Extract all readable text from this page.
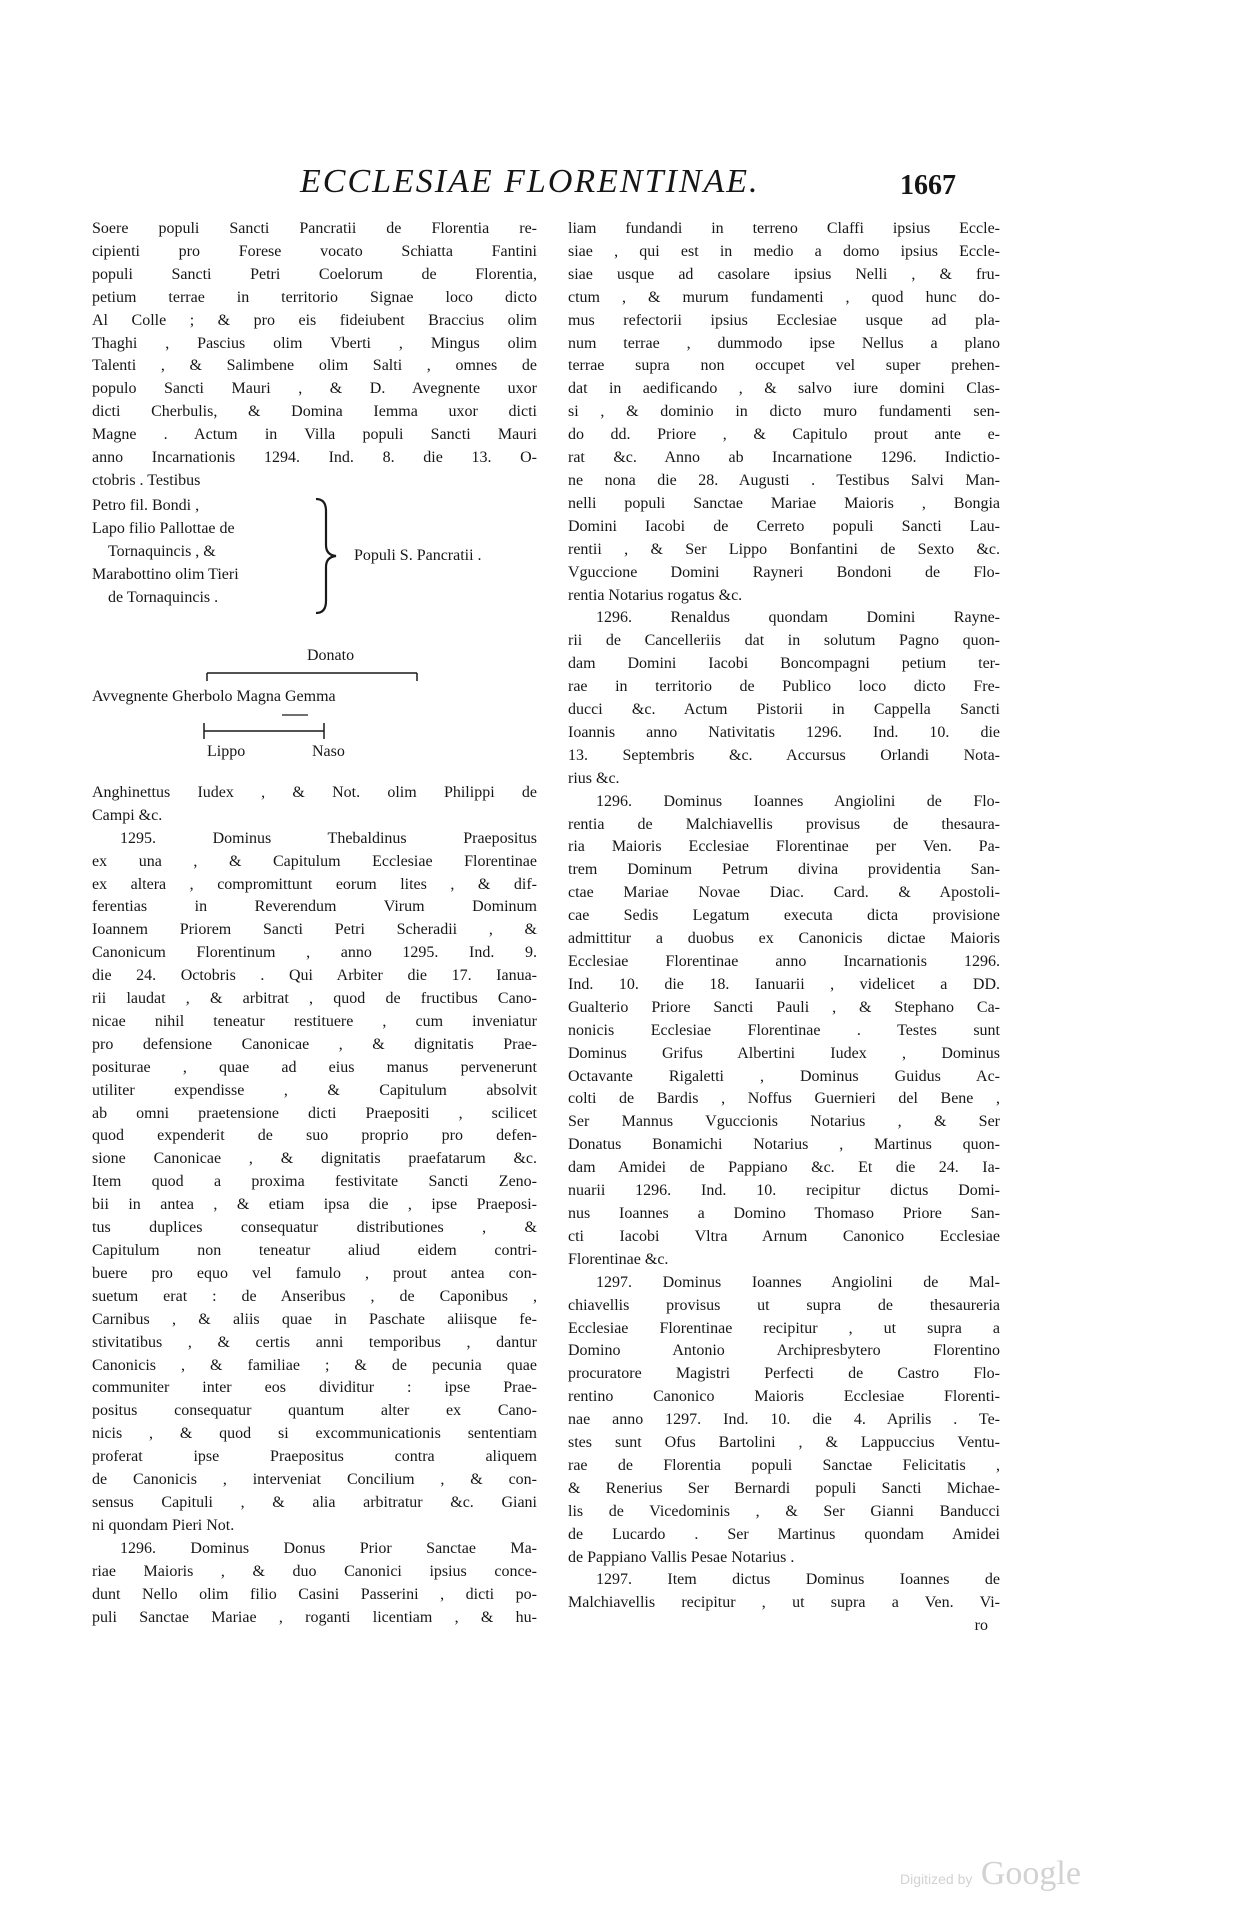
ECCLESIAE FLORENTINAE.	1667
Soere populi Sancti Pancratii de Florentia re-
cipienti pro Forese vocato Schiatta Fantini
populi Sancti Petri Coelorum de Florentia,
petium terrae in territorio Signae loco dicto
Al Colle ; & pro eis fideiubent Braccius olim
Thaghi , Pascius olim Vberti , Mingus olim
Talenti , & Salimbene olim Salti , omnes de
populo Sancti Mauri , & D. Avegnente uxor
dicti Cherbulis, & Domina Iemma uxor dicti
Magne . Actum in Villa populi Sancti Mauri
anno Incarnationis 1294. Ind. 8. die 13. O-
ctobris . Testibus
Petro fil. Bondi ,
Lapo filio Pallottae de
Tornaquincis , &
Marabottino olim Tieri
de Tornaquincis .
Populi S. Pancratii .
Donato
Avvegnente Gherbolo Magna Gemma
Lippo	Naso
Anghinettus Iudex , & Not. olim Philippi de
Campi &c.
1295. Dominus Thebaldinus Praepositus
ex una , & Capitulum Ecclesiae Florentinae
ex altera , compromittunt eorum lites , & dif-
ferentias in Reverendum Virum Dominum
Ioannem Priorem Sancti Petri Scheradii , &
Canonicum Florentinum , anno 1295. Ind. 9.
die 24. Octobris . Qui Arbiter die 17. Ianua-
rii laudat , & arbitrat , quod de fructibus Cano-
nicae nihil teneatur restituere , cum inveniatur
pro defensione Canonicae , & dignitatis Prae-
positurae , quae ad eius manus pervenerunt
utiliter expendisse , & Capitulum absolvit
ab omni praetensione dicti Praepositi , scilicet
quod expenderit de suo proprio pro defen-
sione Canonicae , & dignitatis praefatarum &c.
Item quod a proxima festivitate Sancti Zeno-
bii in antea , & etiam ipsa die , ipse Praeposi-
tus duplices consequatur distributiones , &
Capitulum non teneatur aliud eidem contri-
buere pro equo vel famulo , prout antea con-
suetum erat : de Anseribus , de Caponibus ,
Carnibus , & aliis quae in Paschate aliisque fe-
stivitatibus , & certis anni temporibus , dantur
Canonicis , & familiae ; & de pecunia quae
communiter inter eos dividitur : ipse Prae-
positus consequatur quantum alter ex Cano-
nicis , & quod si excommunicationis sententiam
proferat ipse Praepositus contra aliquem
de Canonicis , interveniat Concilium , & con-
sensus Capituli , & alia arbitratur &c. Giani
ni quondam Pieri Not.
1296. Dominus Donus Prior Sanctae Ma-
riae Maioris , & duo Canonici ipsius conce-
dunt Nello olim filio Casini Passerini , dicti po-
puli Sanctae Mariae , roganti licentiam , & hu-
liam fundandi in terreno Claffi ipsius Eccle-
siae , qui est in medio a domo ipsius Eccle-
siae usque ad casolare ipsius Nelli , & fru-
ctum , & murum fundamenti , quod hunc do-
mus refectorii ipsius Ecclesiae usque ad pla-
num terrae , dummodo ipse Nellus a plano
terrae supra non occupet vel super prehen-
dat in aedificando , & salvo iure domini Clas-
si , & dominio in dicto muro fundamenti sen-
do dd. Priore , & Capitulo prout ante e-
rat &c. Anno ab Incarnatione 1296. Indictio-
ne nona die 28. Augusti . Testibus Salvi Man-
nelli populi Sanctae Mariae Maioris , Bongia
Domini Iacobi de Cerreto populi Sancti Lau-
rentii , & Ser Lippo Bonfantini de Sexto &c.
Vguccione Domini Rayneri Bondoni de Flo-
rentia Notarius rogatus &c.
1296. Renaldus quondam Domini Rayne-
rii de Cancelleriis dat in solutum Pagno quon-
dam Domini Iacobi Boncompagni petium ter-
rae in territorio de Publico loco dicto Fre-
ducci &c. Actum Pistorii in Cappella Sancti
Ioannis anno Nativitatis 1296. Ind. 10. die
13. Septembris &c. Accursus Orlandi Nota-
rius &c.
1296. Dominus Ioannes Angiolini de Flo-
rentia de Malchiavellis provisus de thesaura-
ria Maioris Ecclesiae Florentinae per Ven. Pa-
trem Dominum Petrum divina providentia San-
ctae Mariae Novae Diac. Card. & Apostoli-
cae Sedis Legatum executa dicta provisione
admittitur a duobus ex Canonicis dictae Maioris
Ecclesiae Florentinae anno Incarnationis 1296.
Ind. 10. die 18. Ianuarii , videlicet a DD.
Gualterio Priore Sancti Pauli , & Stephano Ca-
nonicis Ecclesiae Florentinae . Testes sunt
Dominus Grifus Albertini Iudex , Dominus
Octavante Rigaletti , Dominus Guidus Ac-
colti de Bardis , Noffus Guernieri del Bene ,
Ser Mannus Vguccionis Notarius , & Ser
Donatus Bonamichi Notarius , Martinus quon-
dam Amidei de Pappiano &c. Et die 24. Ia-
nuarii 1296. Ind. 10. recipitur dictus Domi-
nus Ioannes a Domino Thomaso Priore San-
cti Iacobi Vltra Arnum Canonico Ecclesiae
Florentinae &c.
1297. Dominus Ioannes Angiolini de Mal-
chiavellis provisus ut supra de thesaureria
Ecclesiae Florentinae recipitur , ut supra a
Domino Antonio Archipresbytero Florentino
procuratore Magistri Perfecti de Castro Flo-
rentino Canonico Maioris Ecclesiae Florenti-
nae anno 1297. Ind. 10. die 4. Aprilis . Te-
stes sunt Ofus Bartolini , & Lappuccius Ventu-
rae de Florentia populi Sanctae Felicitatis ,
& Renerius Ser Bernardi populi Sancti Michae-
lis de Vicedominis , & Ser Gianni Banducci
de Lucardo . Ser Martinus quondam Amidei
de Pappiano Vallis Pesae Notarius .
1297. Item dictus Dominus Ioannes de
Malchiavellis recipitur , ut supra a Ven. Vi-
ro
Digitized by Google
